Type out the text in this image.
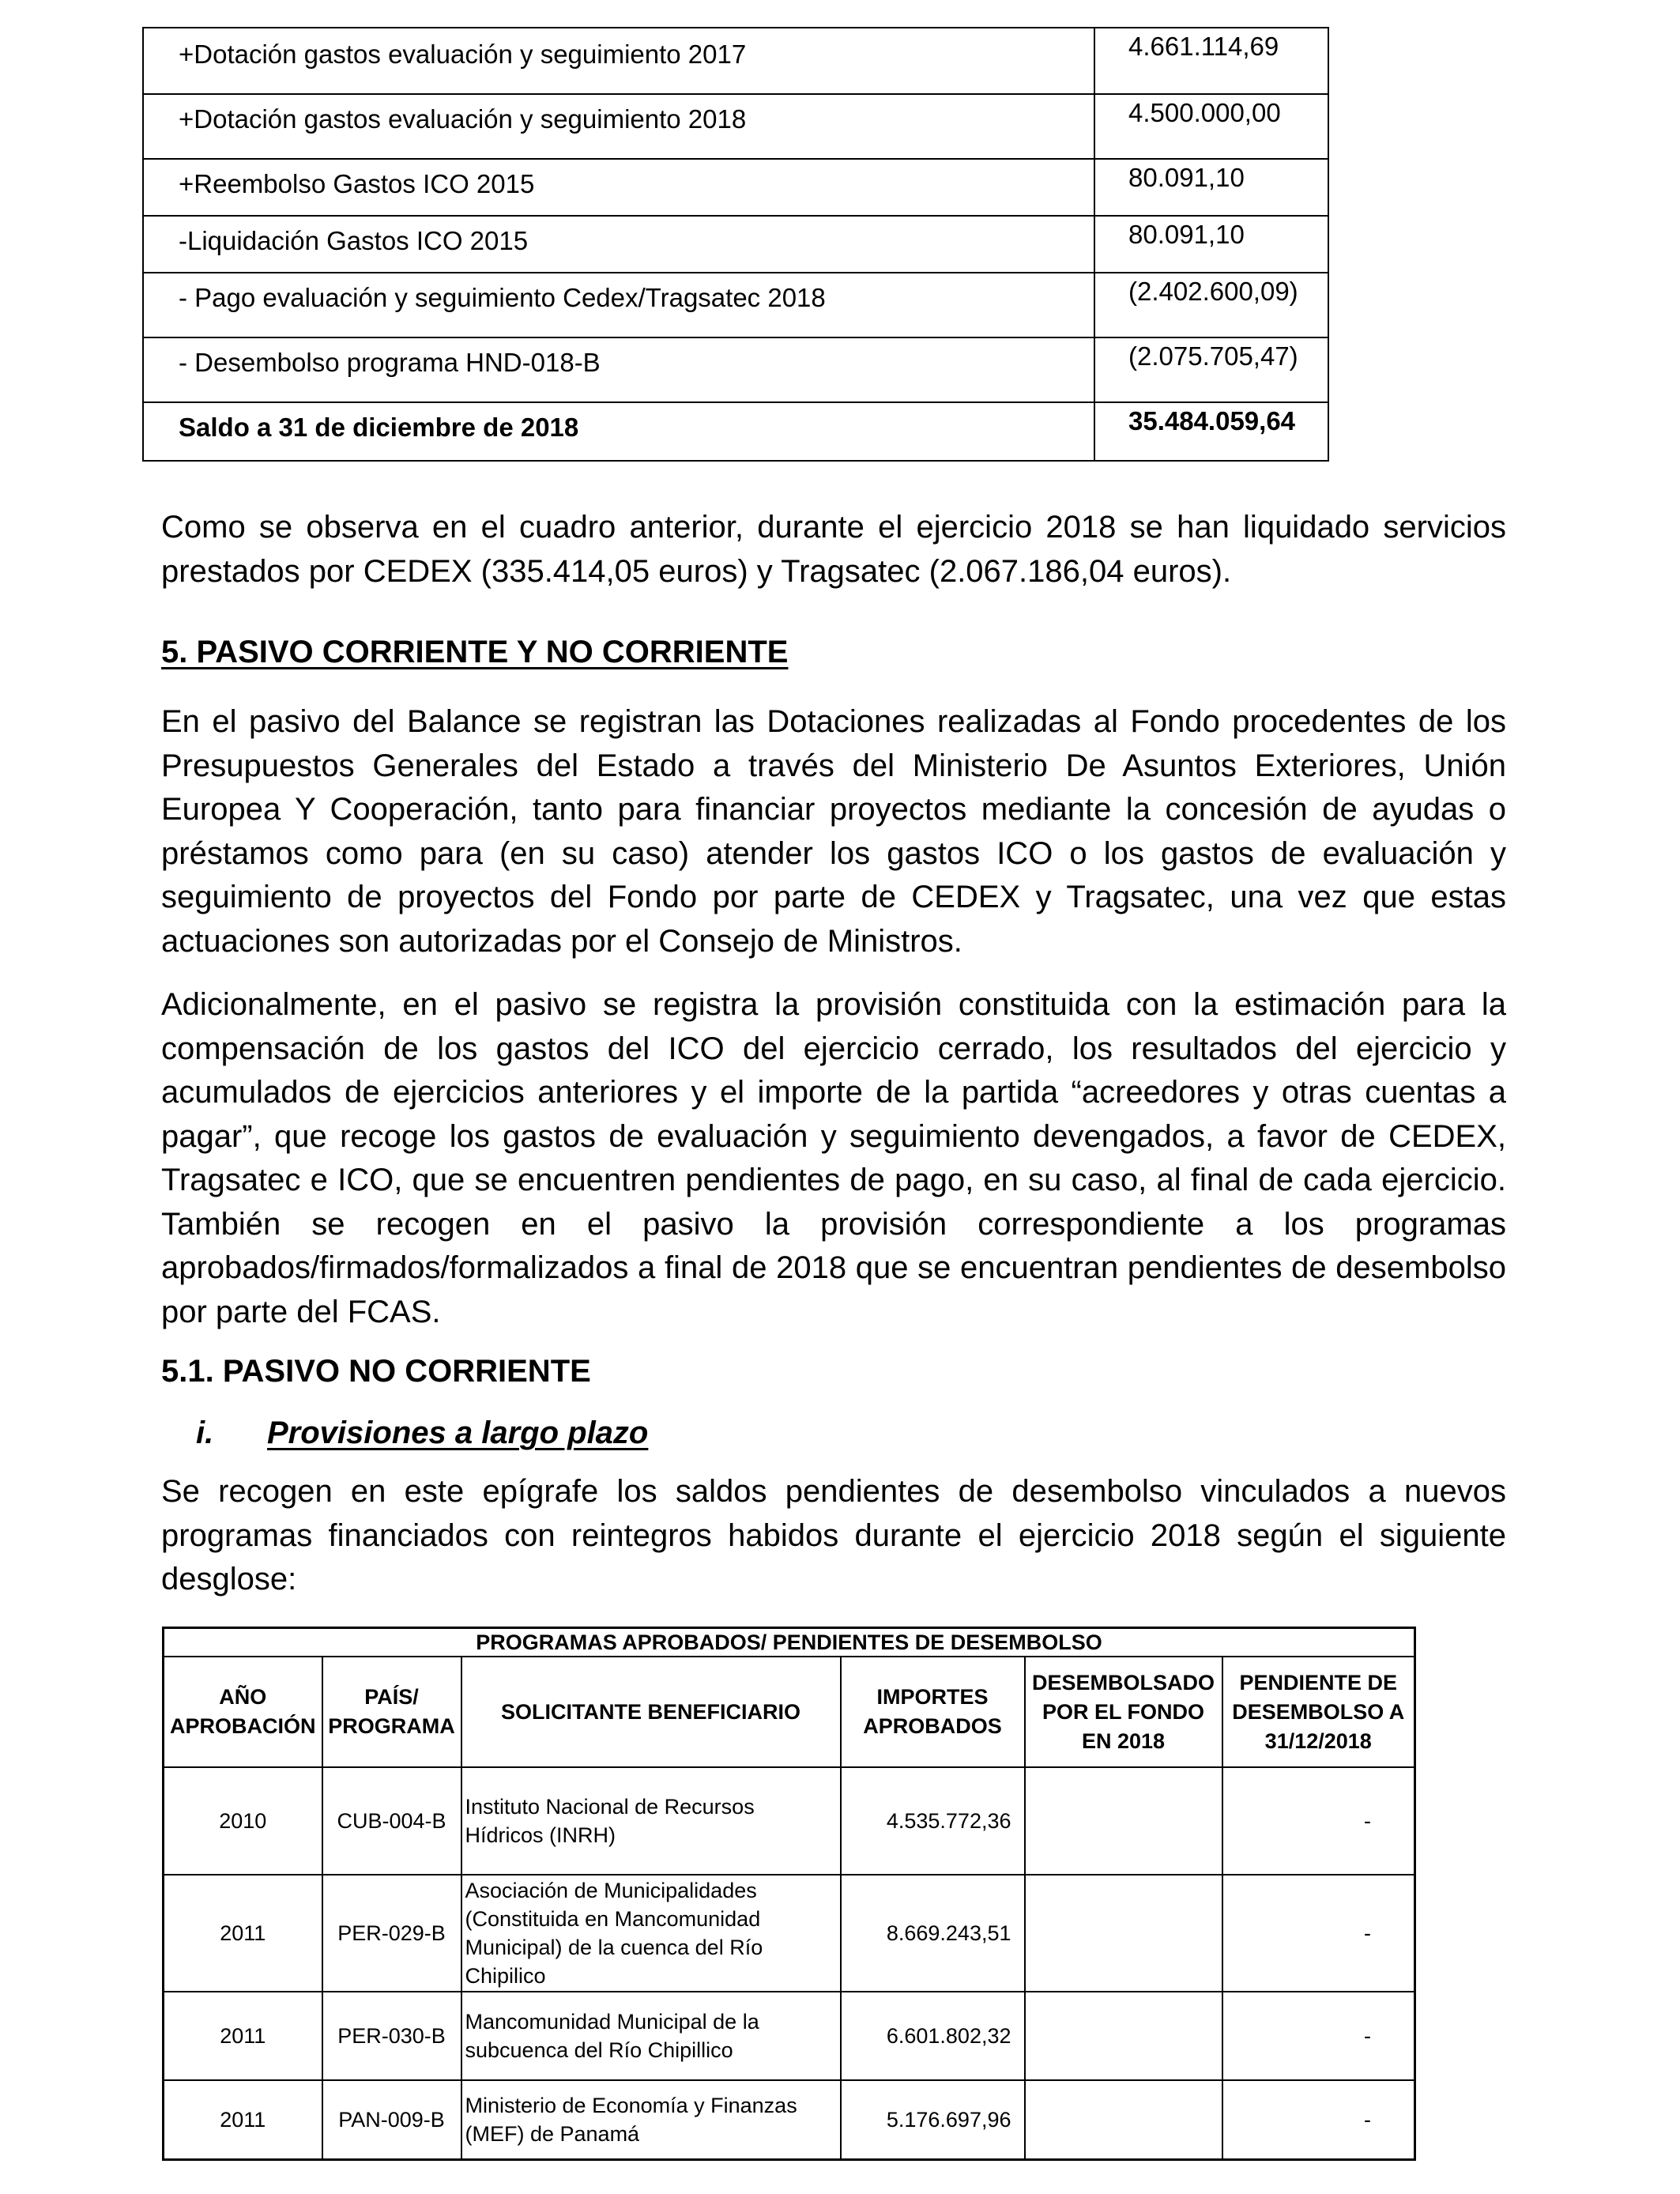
+Dotación gastos evaluación y seguimiento 2017	4.661.114,69
+Dotación gastos evaluación y seguimiento 2018	4.500.000,00
+Reembolso Gastos ICO 2015	80.091,10
-Liquidación Gastos ICO 2015	80.091,10
- Pago evaluación y seguimiento Cedex/Tragsatec 2018	(2.402.600,09)
- Desembolso programa HND-018-B	(2.075.705,47)
Saldo a 31 de diciembre de 2018	35.484.059,64

Como se observa en el cuadro anterior, durante el ejercicio 2018 se han liquidado servicios prestados por CEDEX (335.414,05 euros) y Tragsatec (2.067.186,04 euros).

5. PASIVO CORRIENTE Y NO CORRIENTE

En el pasivo del Balance se registran las Dotaciones realizadas al Fondo procedentes de los Presupuestos Generales del Estado a través del Ministerio De Asuntos Exteriores, Unión Europea Y Cooperación, tanto para financiar proyectos mediante la concesión de ayudas o préstamos como para (en su caso) atender los gastos ICO o los gastos de evaluación y seguimiento de proyectos del Fondo por parte de CEDEX y Tragsatec, una vez que estas actuaciones son autorizadas por el Consejo de Ministros.

Adicionalmente, en el pasivo se registra la provisión constituida con la estimación para la compensación de los gastos del ICO del ejercicio cerrado, los resultados del ejercicio y acumulados de ejercicios anteriores y el importe de la partida “acreedores y otras cuentas a pagar”, que recoge los gastos de evaluación y seguimiento devengados, a favor de CEDEX, Tragsatec e ICO, que se encuentren pendientes de pago, en su caso, al final de cada ejercicio. También se recogen en el pasivo la provisión correspondiente a los programas aprobados/firmados/formalizados a final de 2018 que se encuentran pendientes de desembolso por parte del FCAS.

5.1. PASIVO NO CORRIENTE
i. Provisiones a largo plazo

Se recogen en este epígrafe los saldos pendientes de desembolso vinculados a nuevos programas financiados con reintegros habidos durante el ejercicio 2018 según el siguiente desglose:

PROGRAMAS APROBADOS/ PENDIENTES DE DESEMBOLSO					
AÑO APROBACIÓN	PAÍS/ PROGRAMA	SOLICITANTE BENEFICIARIO	IMPORTES APROBADOS	DESEMBOLSADO POR EL FONDO EN 2018	PENDIENTE DE DESEMBOLSO A 31/12/2018
2010	CUB-004-B	Instituto Nacional de Recursos Hídricos (INRH)	4.535.772,36		-
2011	PER-029-B	Asociación de Municipalidades (Constituida en Mancomunidad Municipal) de la cuenca del Río Chipilico	8.669.243,51		-
2011	PER-030-B	Mancomunidad Municipal de la subcuenca del Río Chipillico	6.601.802,32		-
2011	PAN-009-B	Ministerio de Economía y Finanzas (MEF) de Panamá	5.176.697,96		-
